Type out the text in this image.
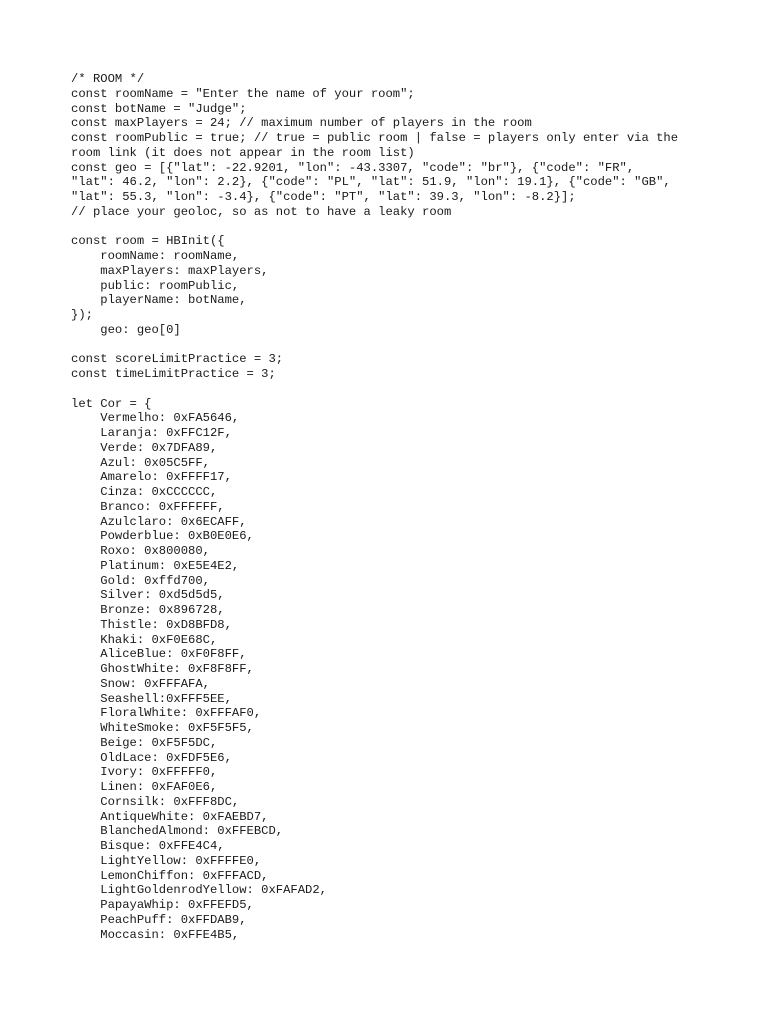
/* ROOM */
const roomName = "Enter the name of your room";
const botName = "Judge";
const maxPlayers = 24; // maximum number of players in the room
const roomPublic = true; // true = public room | false = players only enter via the
room link (it does not appear in the room list)
const geo = [{"lat": -22.9201, "lon": -43.3307, "code": "br"}, {"code": "FR",
"lat": 46.2, "lon": 2.2}, {"code": "PL", "lat": 51.9, "lon": 19.1}, {"code": "GB",
"lat": 55.3, "lon": -3.4}, {"code": "PT", "lat": 39.3, "lon": -8.2}];
// place your geoloc, so as not to have a leaky room
const room = HBInit({
roomName: roomName,
maxPlayers: maxPlayers,
public: roomPublic,
playerName: botName,
});
geo: geo[0]
const scoreLimitPractice = 3;
const timeLimitPractice = 3;
let Cor = {
Vermelho: 0xFA5646,
Laranja: 0xFFC12F,
Verde: 0x7DFA89,
Azul: 0x05C5FF,
Amarelo: 0xFFFF17,
Cinza: 0xCCCCCC,
Branco: 0xFFFFFF,
Azulclaro: 0x6ECAFF,
Powderblue: 0xB0E0E6,
Roxo: 0x800080,
Platinum: 0xE5E4E2,
Gold: 0xffd700,
Silver: 0xd5d5d5,
Bronze: 0x896728,
Thistle: 0xD8BFD8,
Khaki: 0xF0E68C,
AliceBlue: 0xF0F8FF,
GhostWhite: 0xF8F8FF,
Snow: 0xFFFAFA,
Seashell:0xFFF5EE,
FloralWhite: 0xFFFAF0,
WhiteSmoke: 0xF5F5F5,
Beige: 0xF5F5DC,
OldLace: 0xFDF5E6,
Ivory: 0xFFFFF0,
Linen: 0xFAF0E6,
Cornsilk: 0xFFF8DC,
AntiqueWhite: 0xFAEBD7,
BlanchedAlmond: 0xFFEBCD,
Bisque: 0xFFE4C4,
LightYellow: 0xFFFFE0,
LemonChiffon: 0xFFFACD,
LightGoldenrodYellow: 0xFAFAD2,
PapayaWhip: 0xFFEFD5,
PeachPuff: 0xFFDAB9,
Moccasin: 0xFFE4B5,
